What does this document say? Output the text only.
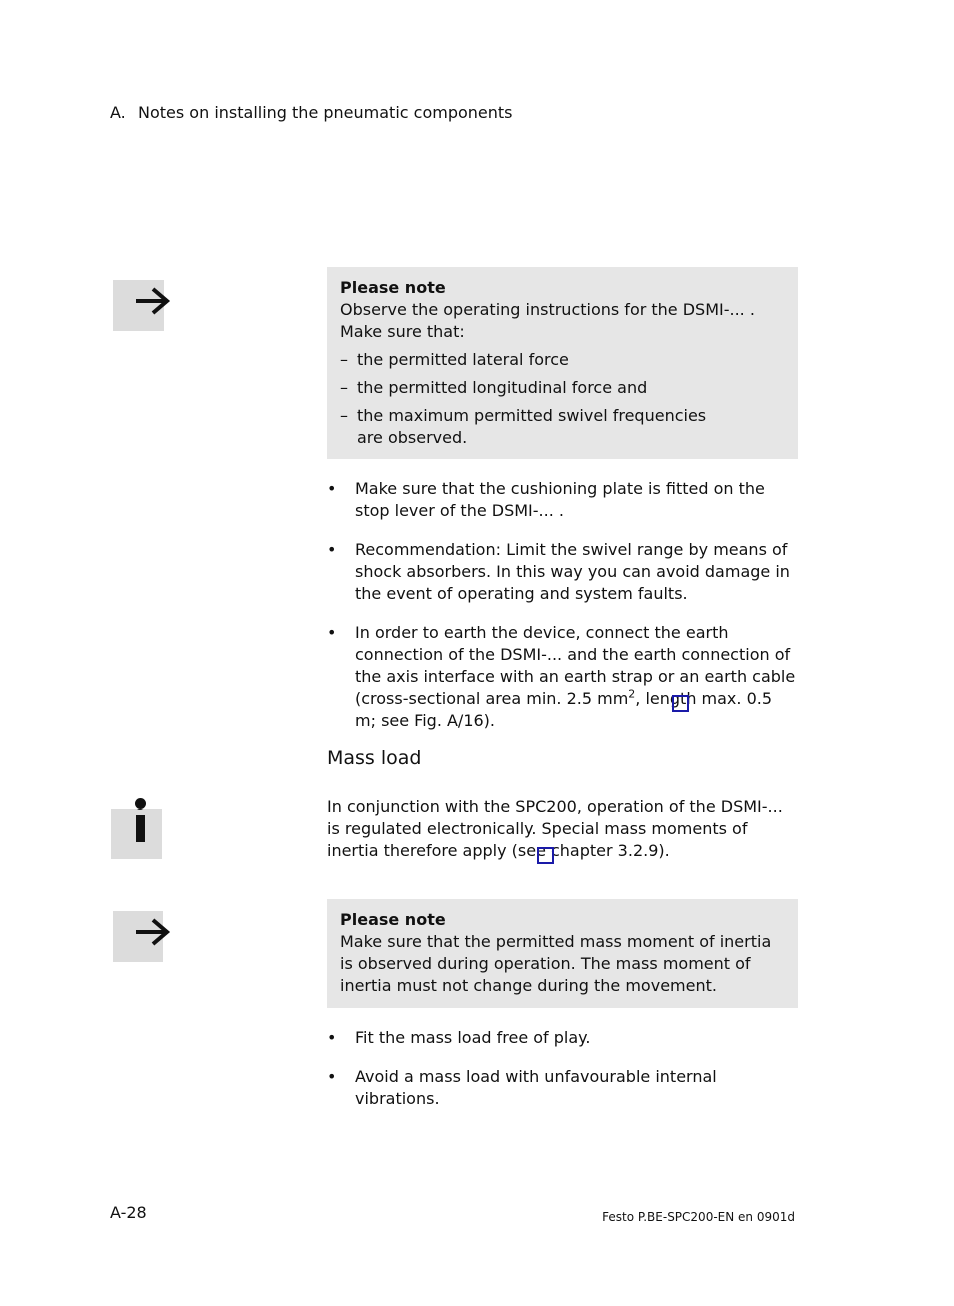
A. Notes on installing the pneumatic components
Please note
Observe the operating instructions for the DSMI-... .
Make sure that:
– the permitted lateral force
– the permitted longitudinal force and
– the maximum permitted swivel frequencies are observed.
• Make sure that the cushioning plate is fitted on the stop lever of the DSMI-... .
• Recommendation: Limit the swivel range by means of shock absorbers. In this way you can avoid damage in the event of operating and system faults.
• In order to earth the device, connect the earth connection of the DSMI-... and the earth connection of the axis interface with an earth strap or an earth cable (cross-sectional area min. 2.5 $mm^2$, length max. 0.5 m; see Fig. A/16).
Mass load
In conjunction with the SPC200, operation of the DSMI-... is regulated electronically. Special mass moments of inertia therefore apply (see chapter 3.2.9).
Please note
Make sure that the permitted mass moment of inertia is observed during operation. The mass moment of inertia must not change during the movement.
• Fit the mass load free of play.
• Avoid a mass load with unfavourable internal vibrations.
A-28	Festo P.BE-SPC200-EN en 0901d
